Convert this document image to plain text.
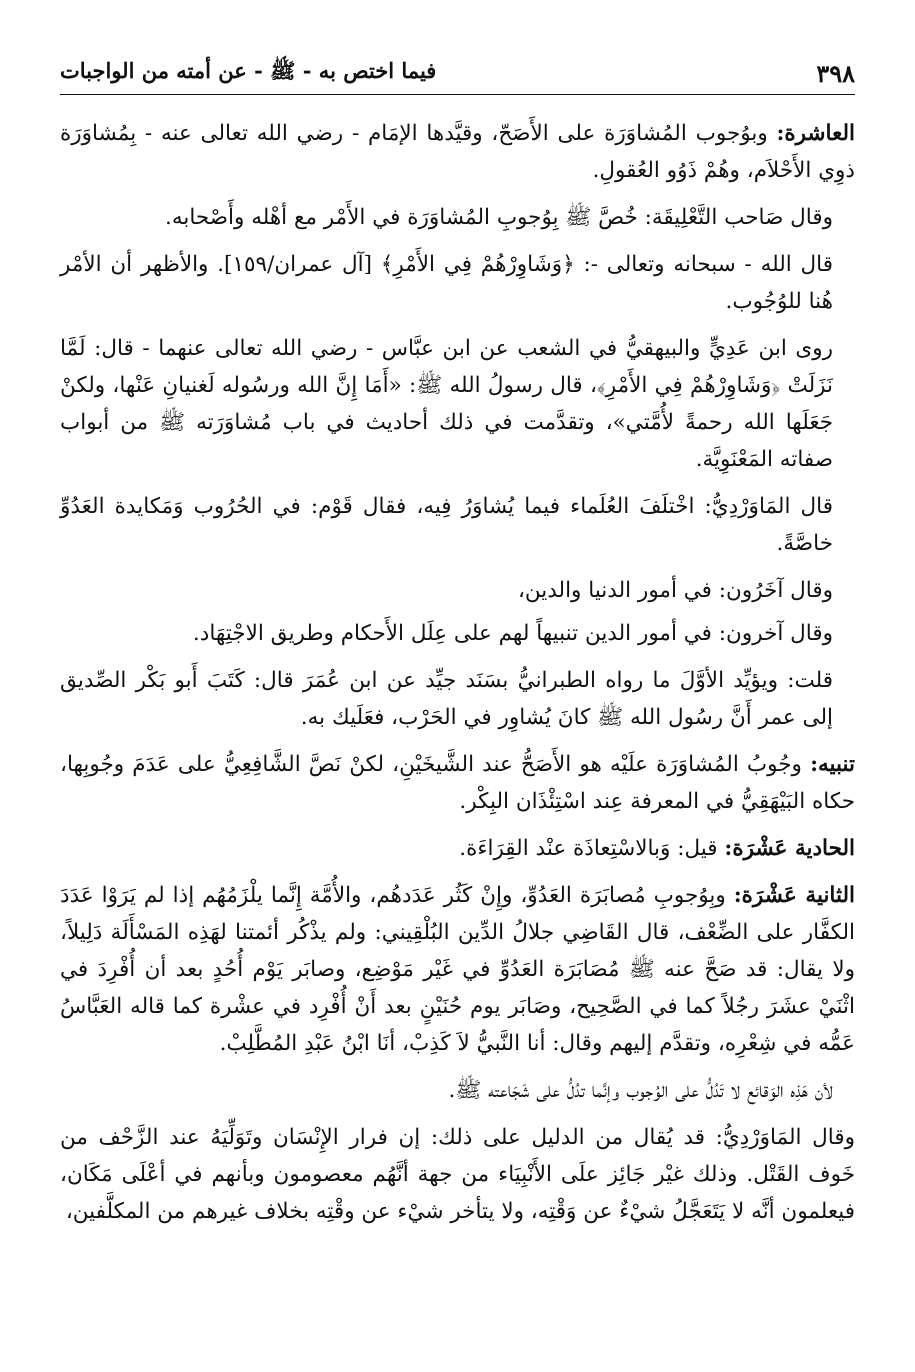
٣٩٨
فيما اختص به - ﷺ - عن أمته من الواجبات

العاشرة: وبوُجوب المُشاوَرَة على الأَصَحّ، وقيَّدها الإمَام - رضي الله تعالى عنه - بِمُشاوَرَة ذوِي الأَحْلاَم، وهُمْ ذَوُو العُقولِ.

وقال صَاحب التَّعْلِيقَة: خُصَّ ﷺ بِوُجوبِ المُشاوَرَة في الأَمْر مع أهْله وأَصْحابه.

قال الله - سبحانه وتعالى -: ﴿وَشَاوِرْهُمْ فِي الأَمْرِ﴾ [آل عمران/١٥٩]. والأظهر أن الأمْر هُنا للوُجُوب.

روى ابن عَدِيٍّ والبيهقيُّ في الشعب عن ابن عبَّاس - رضي الله تعالى عنهما - قال: لَمَّا نَزَلَتْ ﴿وَشَاوِرْهُمْ فِي الأَمْرِ﴾، قال رسولُ الله ﷺ: «أَمَا إِنَّ الله ورسُوله لَغنيانِ عَنْها، ولكنْ جَعَلَها الله رحمةً لأُمَّتي»، وتقدَّمت في ذلك أحاديث في باب مُشاوَرَته ﷺ من أبواب صفاته المَعْنَوِيَّة.

قال المَاوَرْدِيُّ: اخْتلَفَ العُلَماء فيما يُشاوَرُ فِيه، فقال قَوْم: في الحُرُوب وَمَكايدة العَدُوِّ خاصَّةً.

وقال آخَرُون: في أمور الدنيا والدين،

وقال آخرون: في أمور الدين تنبيهاً لهم على عِلَل الأَحكام وطريق الاجْتِهَاد.

قلت: ويؤيِّد الأوَّلَ ما رواه الطبرانيُّ بسَنَد جيِّد عن ابن عُمَرَ قال: كَتَبَ أَبو بَكْر الصِّديق إلى عمر أَنَّ رسُول الله ﷺ كانَ يُشاوِر في الحَرْب، فعَلَيك به.

تنبيه: وجُوبُ المُشاوَرَة علَيْه هو الأَصَحُّ عند الشَّيخَيْنِ، لكنْ نَصَّ الشَّافِعِيُّ على عَدَمَ وجُوبِها، حكاه البَيْهَقِيُّ في المعرفة عِند اسْتِئْذَان البِكْر.

الحادية عَشْرَة: قيل: وَبالاسْتِعاذَة عنْد القِرَاءَة.

الثانية عَشْرَة: وبِوُجوبِ مُصابَرَة العَدُوِّ، وإِنْ كَثُر عَدَدهُم، والأُمَّة إِنَّما يلْزَمُهُم إذا لم يَرَوْا عَدَدَ الكفَّار على الضِّعْف، قال القَاضِي جلالُ الدِّين البُلْقِيني: ولم يذْكُر أئمتنا لهَذِه المَسْأَلَة دَلِيلاً، ولا يقال: قد صَحَّ عنه ﷺ مُصَابَرَة العَدُوِّ في غَيْر مَوْضِع، وصابَر يَوْم أُحُدٍ بعد أن أُفْرِدَ في اثْنَيْ عشَرَ رجُلاً كما في الصَّحِيح، وصَابَر يوم حُنَيْنٍ بعد أَنْ أُفْرِد في عشْرة كما قاله العَبَّاسُ عَمُّه في شِعْرِه، وتقدَّم إليهم وقال: أنا النَّبيُّ لاَ كَذِبْ، أنَا ابْنُ عَبْدِ المُطَّلِبْ.

لأن هَذِه الوَقائع لا تَدُلُّ على الوُجوب وإنَّما تدُلُّ على شَجَاعته ﷺ.

وقال المَاوَرْدِيُّ: قد يُقال من الدليل على ذلك: إن فرار الإِنْسَان وتَوَلِّيَهُ عند الزَّحْف من خَوف القَتْل. وذلك غيْر جَائِز علَى الأَنْبِيَاء من جهة أنَّهُم معصومون وبأنهم في أعْلَى مَكَان، فيعلمون أنَّه لا يَتَعَجَّلُ شيْءٌ عن وَقْتِه، ولا يتأخر شيْء عن وقْتِه بخلاف غيرهم من المكلَّفين،
